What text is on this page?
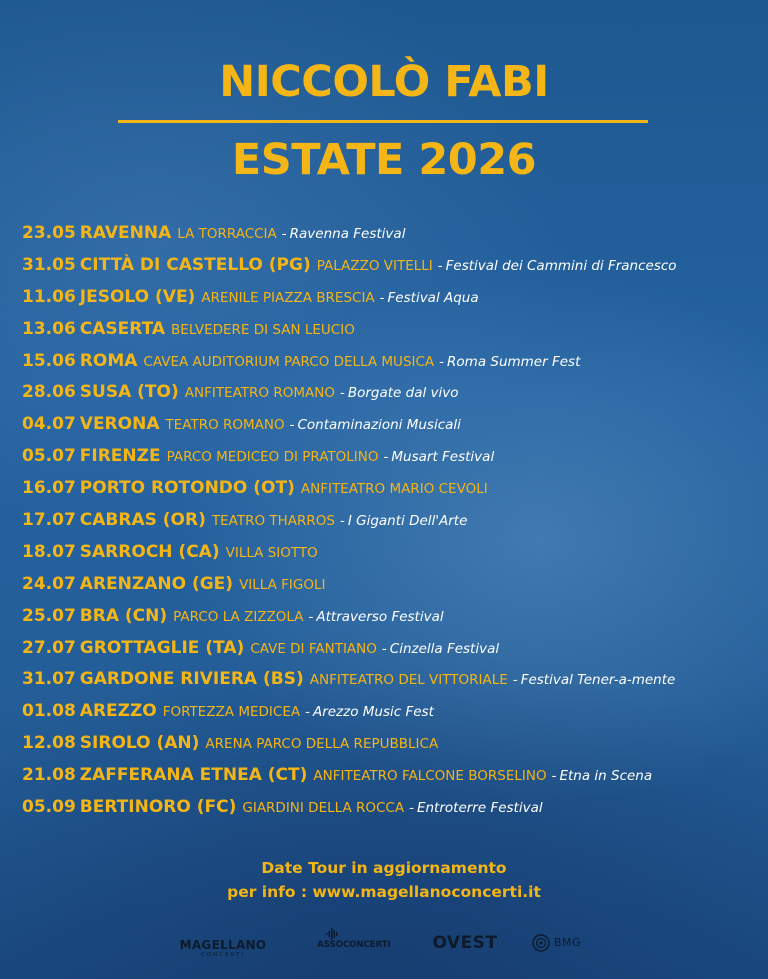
NICCOLÒ FABI
ESTATE 2026
23.05 RAVENNA LA TORRACCIA - Ravenna Festival
31.05 CITTÀ DI CASTELLO (PG) PALAZZO VITELLI - Festival dei Cammini di Francesco
11.06 JESOLO (VE) ARENILE PIAZZA BRESCIA - Festival Aqua
13.06 CASERTA BELVEDERE DI SAN LEUCIO
15.06 ROMA CAVEA AUDITORIUM PARCO DELLA MUSICA - Roma Summer Fest
28.06 SUSA (TO) ANFITEATRO ROMANO - Borgate dal vivo
04.07 VERONA TEATRO ROMANO - Contaminazioni Musicali
05.07 FIRENZE PARCO MEDICEO DI PRATOLINO - Musart Festival
16.07 PORTO ROTONDO (OT) ANFITEATRO MARIO CEVOLI
17.07 CABRAS (OR) TEATRO THARROS - I Giganti Dell'Arte
18.07 SARROCH (CA) VILLA SIOTTO
24.07 ARENZANO (GE) VILLA FIGOLI
25.07 BRA (CN) PARCO LA ZIZZOLA - Attraverso Festival
27.07 GROTTAGLIE (TA) CAVE DI FANTIANO - Cinzella Festival
31.07 GARDONE RIVIERA (BS) ANFITEATRO DEL VITTORIALE - Festival Tener-a-mente
01.08 AREZZO FORTEZZA MEDICEA - Arezzo Music Fest
12.08 SIROLO (AN) ARENA PARCO DELLA REPUBBLICA
21.08 ZAFFERANA ETNEA (CT) ANFITEATRO FALCONE BORSELINO - Etna in Scena
05.09 BERTINORO (FC) GIARDINI DELLA ROCCA - Entroterre Festival

Date Tour in aggiornamento

per info : www.magellanoconcerti.it

MAGELLANO
CONCERTI
ASSOCONCERTI	OVEST	BMG
